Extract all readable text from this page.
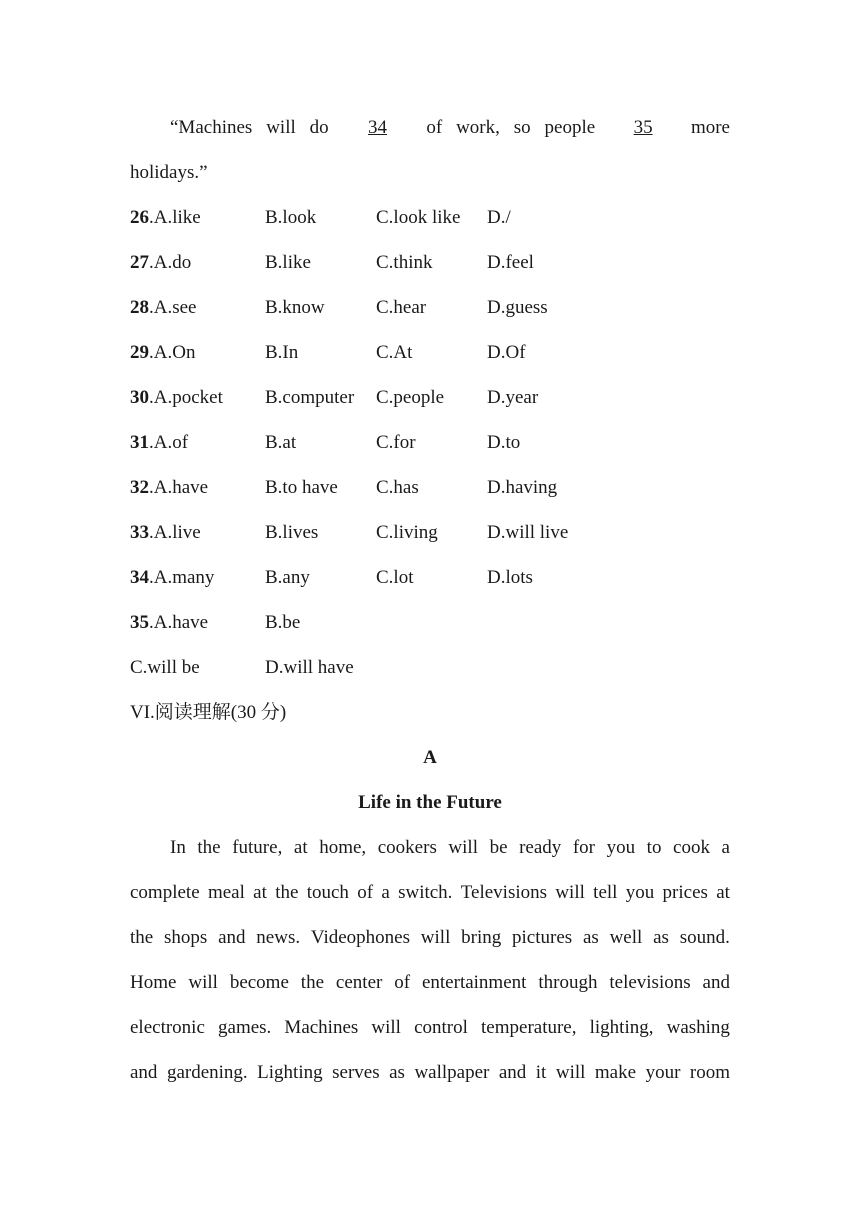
“Machines will do	34	of work, so people	35	more
holidays.”
26.A.like	B.look	C.look like	D./
27.A.do	B.like	C.think	D.feel
28.A.see	B.know	C.hear	D.guess
29.A.On	B.In	C.At	D.Of
30.A.pocket	B.computer	C.people	D.year
31.A.of	B.at	C.for	D.to
32.A.have	B.to have	C.has	D.having
33.A.live	B.lives	C.living	D.will live
34.A.many	B.any	C.lot	D.lots
35.A.have	B.be
C.will be	D.will have
VI.阅读理解(30 分)
A
Life in the Future
In the future, at home, cookers will be ready for you to cook a
complete meal at the touch of a switch. Televisions will tell you prices at
the shops and news. Videophones will bring pictures as well as sound.
Home will become the center of entertainment through televisions and
electronic games. Machines will control temperature, lighting, washing
and gardening. Lighting serves as wallpaper and it will make your room
